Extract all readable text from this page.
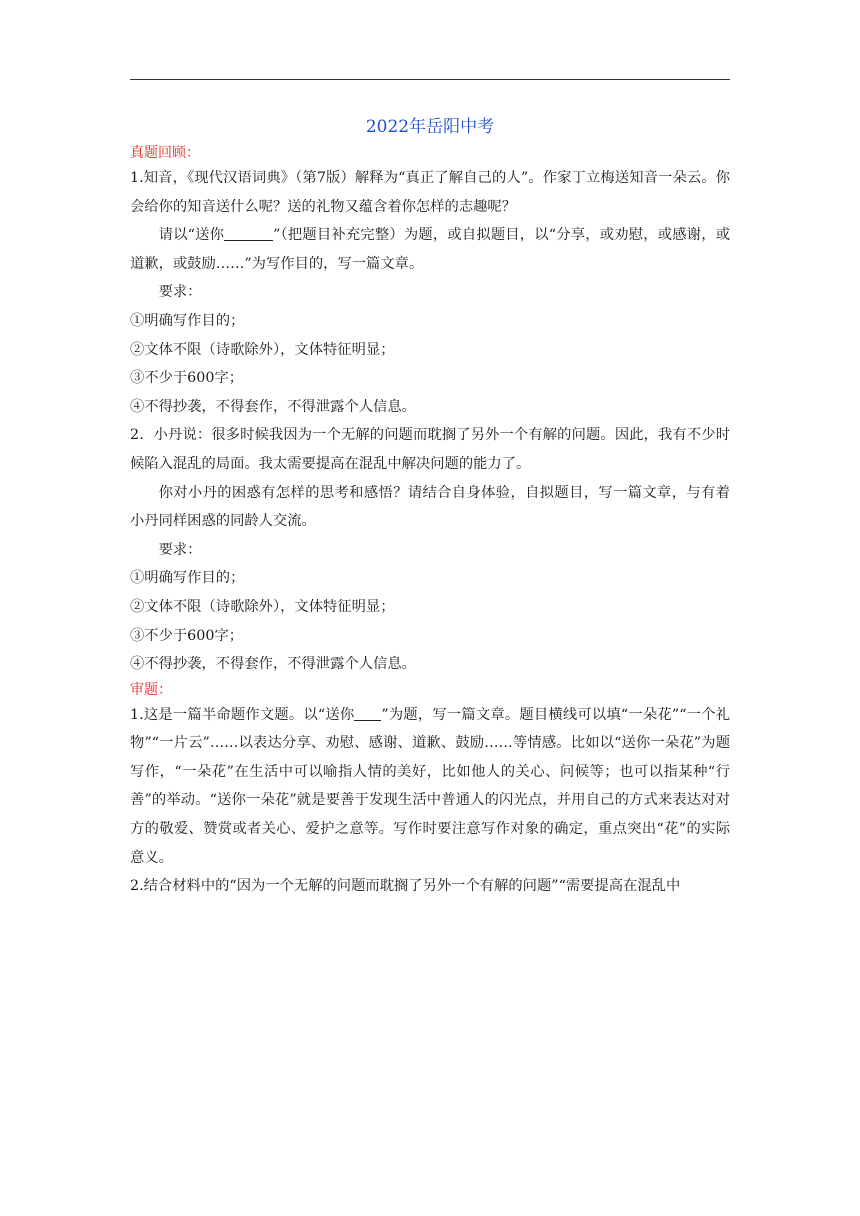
2022年岳阳中考
真题回顾：

1.知音，《现代汉语词典》（第7版）解释为“真正了解自己的人”。作家丁立梅送知音一朵云。你会给你的知音送什么呢？送的礼物又蕴含着你怎样的志趣呢？

请以“送你	”（把题目补充完整）为题，或自拟题目，以“分享，或劝慰，或感谢，或道歉，或鼓励……”为写作目的，写一篇文章。

要求：

①明确写作目的；

②文体不限（诗歌除外），文体特征明显；

③不少于600字；

④不得抄袭，不得套作，不得泄露个人信息。

2．小丹说：很多时候我因为一个无解的问题而耽搁了另外一个有解的问题。因此，我有不少时候陷入混乱的局面。我太需要提高在混乱中解决问题的能力了。

你对小丹的困惑有怎样的思考和感悟？请结合自身体验，自拟题目，写一篇文章，与有着小丹同样困惑的同龄人交流。

要求：

①明确写作目的；

②文体不限（诗歌除外），文体特征明显；

③不少于600字；

④不得抄袭，不得套作，不得泄露个人信息。

审题：

1.这是一篇半命题作文题。以“送你 ”为题，写一篇文章。题目横线可以填“一朵花”“一个礼物”“一片云”……以表达分享、劝慰、感谢、道歉、鼓励……等情感。比如以“送你一朵花”为题写作，“一朵花”在生活中可以喻指人情的美好，比如他人的关心、问候等；也可以指某种“行善”的举动。“送你一朵花”就是要善于发现生活中普通人的闪光点，并用自己的方式来表达对对方的敬爱、赞赏或者关心、爱护之意等。写作时要注意写作对象的确定，重点突出“花”的实际意义。

2.结合材料中的“因为一个无解的问题而耽搁了另外一个有解的问题”“需要提高在混乱中
